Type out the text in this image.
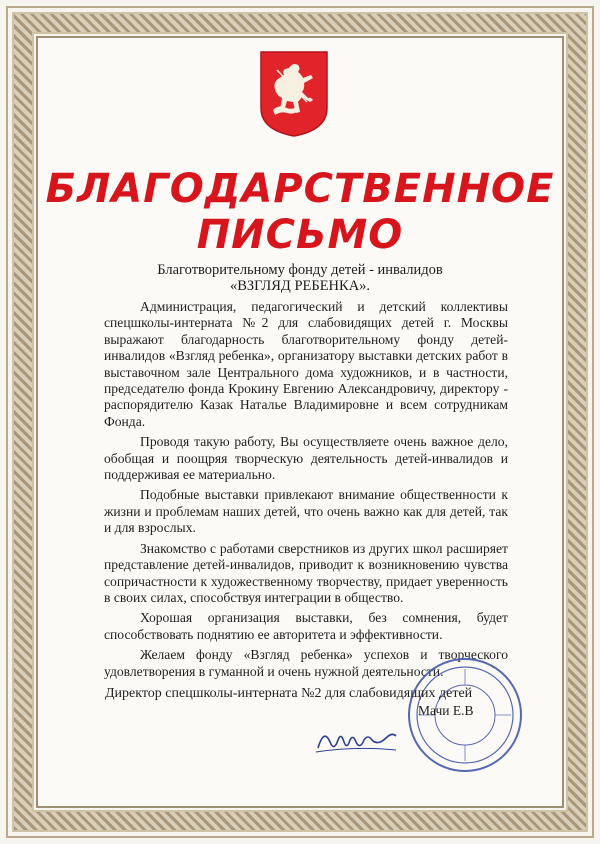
БЛАГОДАРСТВЕННОЕ
ПИСЬМО
Благотворительному фонду детей - инвалидов
«ВЗГЛЯД РЕБЕНКА».

Администрация, педагогический и детский коллективы спецшколы-интерната №2 для слабовидящих детей г. Москвы выражают благодарность благотворительному фонду детей-инвалидов «Взгляд ребенка», организатору выставки детских работ в выставочном зале Центрального дома художников, и в частности, председателю фонда Крокину Евгению Александровичу, директору - распорядителю Казак Наталье Владимировне и всем сотрудникам Фонда.

Проводя такую работу, Вы осуществляете очень важное дело, обобщая и поощряя творческую деятельность детей-инвалидов и поддерживая ее материально.

Подобные выставки привлекают внимание общественности к жизни и проблемам наших детей, что очень важно как для детей, так и для взрослых.

Знакомство с работами сверстников из других школ расширяет представление детей-инвалидов, приводит к возникновению чувства сопричастности к художественному творчеству, придает уверенность в своих силах, способствуя интеграции в общество.

Хорошая организация выставки, без сомнения, будет способствовать поднятию ее авторитета и эффективности.

Желаем фонду «Взгляд ребенка» успехов и творческого удовлетворения в гуманной и очень нужной деятельности.

Директор спецшколы-интерната №2 для слабовидящих детей
Мачи Е.В
